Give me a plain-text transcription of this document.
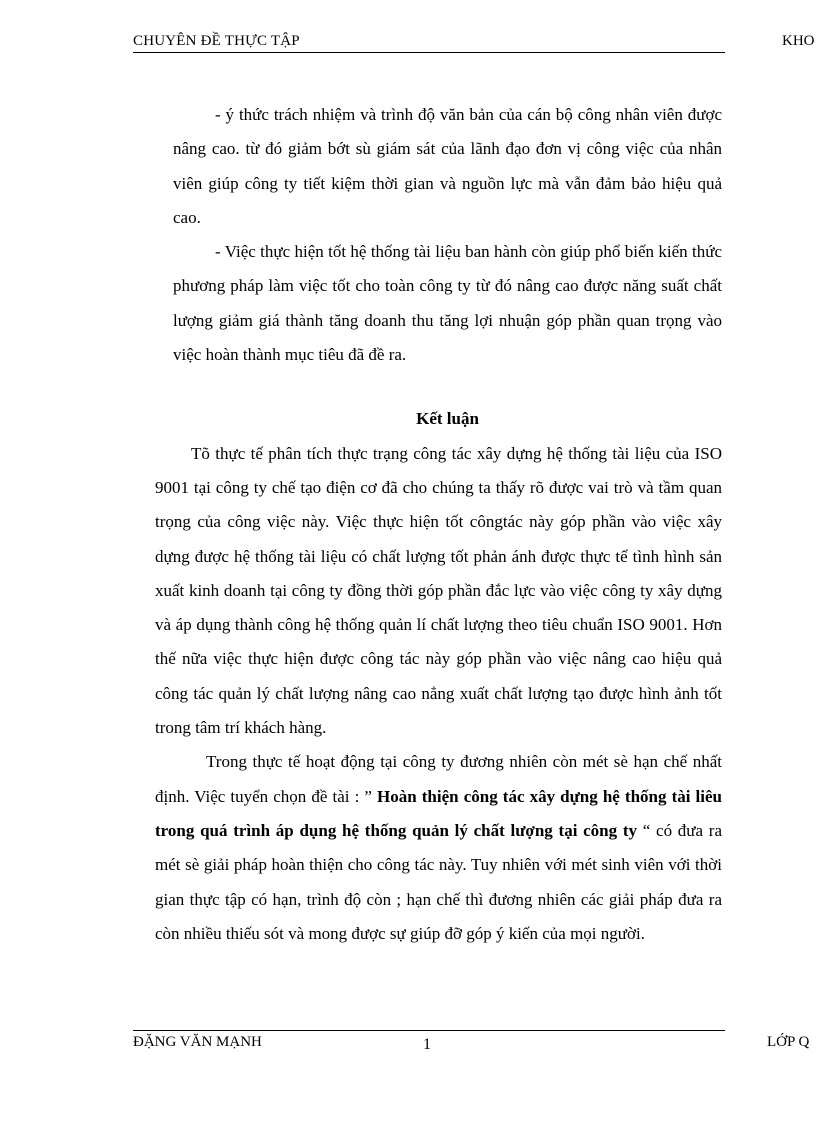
CHUYÊN ĐỀ THỰC TẬP	KHO

- ý thức trách nhiệm và trình độ văn bản của cán bộ công nhân viên được nâng cao. từ đó giảm bớt sù giám sát của lãnh đạo đơn vị công việc của nhân viên giúp công ty tiết kiệm thời gian và nguồn lực mà vẫn đảm bảo hiệu quả cao.

- Việc thực hiện tốt hệ thống tài liệu ban hành còn giúp phổ biến kiến thức phương pháp làm việc tốt cho toàn công ty từ đó nâng cao được năng suất chất lượng giảm giá thành tăng doanh thu tăng lợi nhuận góp phần quan trọng vào việc hoàn thành mục tiêu đã đề ra.

Kết luận

Tõ thực tế phân tích thực trạng công tác xây dựng hệ thống tài liệu của ISO 9001 tại công ty chế tạo điện cơ đã cho chúng ta thấy rõ được vai trò và tầm quan trọng của công việc này. Việc thực hiện tốt côngtác này góp phần vào việc xây dựng được hệ thống tài liệu có chất lượng tốt phản ánh được thực tế tình hình sản xuất kinh doanh tại công ty đồng thời góp phần đắc lực vào việc công ty xây dựng và áp dụng thành công hệ thống quản lí chất lượng theo tiêu chuẩn ISO 9001. Hơn thế nữa việc thực hiện được công tác này góp phần vào việc nâng cao hiệu quả công tác quản lý chất lượng nâng cao nẳng xuất chất lượng tạo được hình ảnh tốt trong tâm trí khách hàng.

Trong thực tế hoạt động tại công ty đương nhiên còn mét sè hạn chế nhất định. Việc tuyển chọn đề tài : ” Hoàn thiện công tác xây dựng hệ thống tài liêu trong quá trình áp dụng hệ thống quản lý chất lượng tại công ty “ có đưa ra mét sè giải pháp hoàn thiện cho công tác này. Tuy nhiên với mét sinh viên với thời gian thực tập có hạn, trình độ còn ; hạn chế thì đương nhiên các giải pháp đưa ra còn nhiều thiếu sót và mong được sự giúp đỡ góp ý kiến của mọi người.

ĐẶNG VĂN MẠNH	1	LỚP Q
